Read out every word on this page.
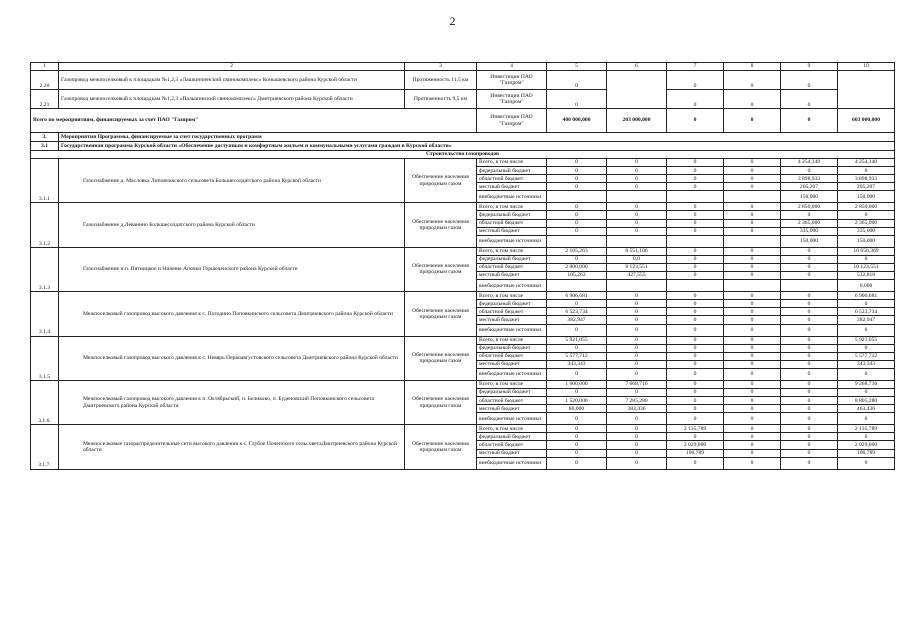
2
1	2	3	4	5	6	7	8	9	10
2.20	Газопровод межпоселковый к площадкам №1,2,3 «Лашкинпенский свинокомплекс» Конышевского района Курской области	Протяженность 11,5 км	Инвестиции ПАО "Газпром"	0		0	0	0	
2.21	Газопровод межпоселковый к площадкам №1,2,3 «Пальшинский свинокомплекс» Дмитриевского района Курской области	Протяженность 9,5 км	Инвестиции ПАО "Газпром"	0		0	0	0	
Всего по мероприятиям, финансируемых за счет ПАО "Газпром"			Инвестиции ПАО "Газпром"	400 000,000	203 000,000	0	0	0	603 000,000
3.	Мероприятия Программы, финансируемые за счет государственных программ								
3.1	Государственная программа Курской области «Обеспечение доступным и комфортным жильем и коммунальными услугами граждан в Курской области»								
Строительство газопроводов									
3.1.1	Газоснабжение д. Масловка Липовчикского сельсовета Большесолдатского района Курской области	Обеспечение населения природным газом	Всего, в том числе	0	0	0	0	4 254,140	4 254,140
			федеральный бюджет	0	0	0	0	0	0
			областной бюджет	0	0	0	0	3 898,933	3 898,933
			местный бюджет	0	0	0	0	205,207	205,207
			внебюджетные источники					150,000	150,000
3.1.2	Газоснабжение д.Леванино Большесолдатского района Курской области	Обеспечение населения природным газом	Всего, в том числе	0	0	0	0	2 850,000	2 850,000
			федеральный бюджет	0	0	0	0	0	0
			областной бюджет	0	0	0	0	2 365,000	2 365,000
			местный бюджет	0	0	0	0	335,000	335,000
			внебюджетные источники					150,000	150,000
3.1.3	Газоснабжение н.п. Пятницкое и Нижние Апочки Горшеченского района Курской области	Обеспечение населения природным газом	Всего, в том числе	2 105,263	8 551,106	0	0	0	10 656,369
			федеральный бюджет	0	0,0	0	0	0	0
			областной бюджет	2 000,000	8 123,551	0	0	0	10 123,551
			местный бюджет	105,263	427,555	0	0	0	532,818
			внебюджетные источники						0,000
3.1.4	Межпоселковый газопровод высокого давления к с. Погодино Поповкинского сельсовета Дмитриевского района Курской области	Обеспечение населения природным газом	Всего, в том числе	6 906,681	0	0	0	0	6 906,681
			федеральный бюджет	0	0	0	0	0	0
			областной бюджет	6 523,734	0	0	0	0	6 523,734
			местный бюджет	382,947	0	0	0	0	382,947
			внебюджетные источники	0	0	0	0	0	0
3.1.5	Межпоселковый газопровод высокого давления к с. Невярь Первоавгустовского сельсовета Дмитриевского района Курской области	Обеспечение населения природным газом	Всего, в том числе	5 921,055	0	0	0	0	5 921,055
			федеральный бюджет	0	0	0	0	0	0
			областной бюджет	5 577,712	0	0	0	0	5 577,712
			местный бюджет	343,343	0	0	0	0	343,343
			внебюджетные источники	0	0	0	0	0	0
3.1.6.	Межпоселковый газопровод высокого давления к п. Октябрьский, п. Беликово, п. Буденовский Поповкинского сельсовета Дмитриевского района Курской области	Обеспечение населения природным газом	Всего, в том числе	1 600,000	7 668,716	0	0	0	9 268,716
			федеральный бюджет	0	0	0	0	0	0
			областной бюджет	1 520,000	7 285,280	0	0	0	8 805,280
			местный бюджет	80,000	383,436	0	0	0	463,436
			внебюджетные источники	0	0	0	0	0	0
3.1.7.	Межпоселковые газораспределительные сети высокого давления к с. Глубое Почепского сельсоветаДмитриевского района Курской области	Обеспечение населения природным газом	Всего, в том числе	0	0	2 135,789	0	0	2 135,789
			федеральный бюджет	0	0	0	0	0	0
			областной бюджет	0	0	2 029,000	0	0	2 029,000
			местный бюджет	0	0	106,789	0	0	106,789
			внебюджетные источники	0	0	0	0	0	0
